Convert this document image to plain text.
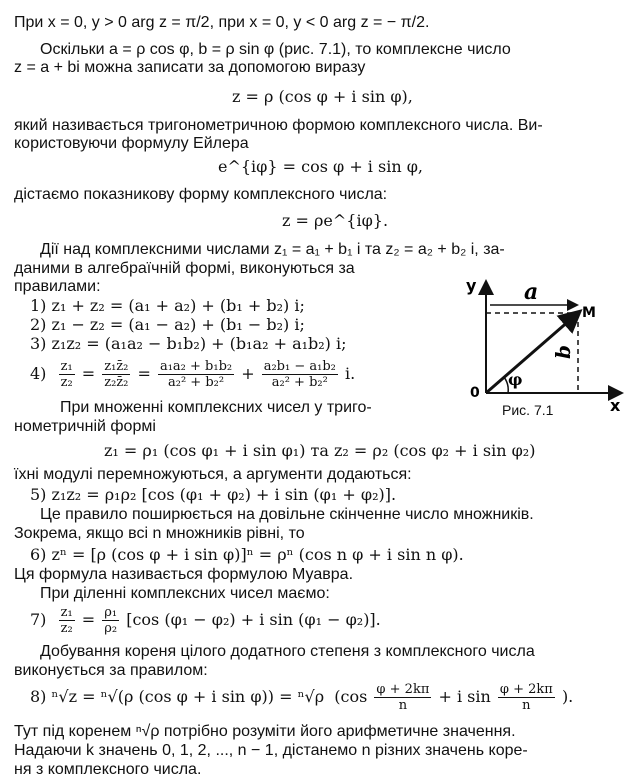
При x = 0, y > 0 arg z = π/2, при x = 0, y < 0 arg z = − π/2.
Оскільки a = ρ cos φ, b = ρ sin φ (рис. 7.1), то комплексне число
z = a + bi можна записати за допомогою виразу
z = ρ (cos φ + i sin φ),
який називається тригонометричною формою комплексного числа. Ви-
користовуючи формулу Ейлера
e^{iφ} = cos φ + i sin φ,
дістаємо показникову форму комплексного числа:
z = ρe^{iφ}.
Дії над комплексними числами z₁ = a₁ + b₁ i та z₂ = a₂ + b₂ i, за-
даними в алгебраїчній формі, виконуються за
правилами:
1) z₁ + z₂ = (a₁ + a₂) + (b₁ + b₂) i;
2) z₁ − z₂ = (a₁ − a₂) + (b₁ − b₂) i;
3) z₁z₂ = (a₁a₂ − b₁b₂) + (b₁a₂ + a₁b₂) i;
$4) \frac{\text{z₁}}{\text{z₂}} = \frac{\text{z₁z̄₂}}{\text{z₂z̄₂}} = \frac{\text{a₁a₂ + b₁b₂}}{\text{a₂² + b₂²}} + \frac{\text{a₂b₁ − a₁b₂}}{\text{a₂² + b₂²}} i$.
При множенні комплексних чисел у триго-
нометричній формі
z₁ = ρ₁ (cos φ₁ + i sin φ₁) та z₂ = ρ₂ (cos φ₂ + i sin φ₂)
їхні модулі перемножуються, а аргументи додаються:
5) z₁z₂ = ρ₁ρ₂ [cos (φ₁ + φ₂) + i sin (φ₁ + φ₂)].
Це правило поширюється на довільне скінченне число множників.
Зокрема, якщо всі n множників рівні, то
6) zⁿ = [ρ (cos φ + i sin φ)]ⁿ = ρⁿ (cos n φ + i sin n φ).
Ця формула називається формулою Муавра.
При діленні комплексних чисел маємо:
$7) \frac{\text{z₁}}{\text{z₂}} = \frac{\text{ρ₁}}{\text{ρ₂}} [\cos$ (φ₁ − φ₂) + i sin (φ₁ − φ₂)].
Добування кореня цілого додатного степеня з комплексного числа
виконується за правилом:
8) ⁿ√z = ⁿ√(ρ (cos φ + i sin φ)) = ⁿ√ρ ($\cos \frac{\varphi + 2k\pi}{n} + i$ $\sin \frac{\varphi + 2k\pi}{n}$ ).
Тут під коренем ⁿ√ρ потрібно розуміти його арифметичне значення.
Надаючи k значень 0, 1, 2, ..., n − 1, дістанемо n різних значень коре-
ня з комплексного числа.
y a
M
b
φ
0
x
Рис. 7.1
